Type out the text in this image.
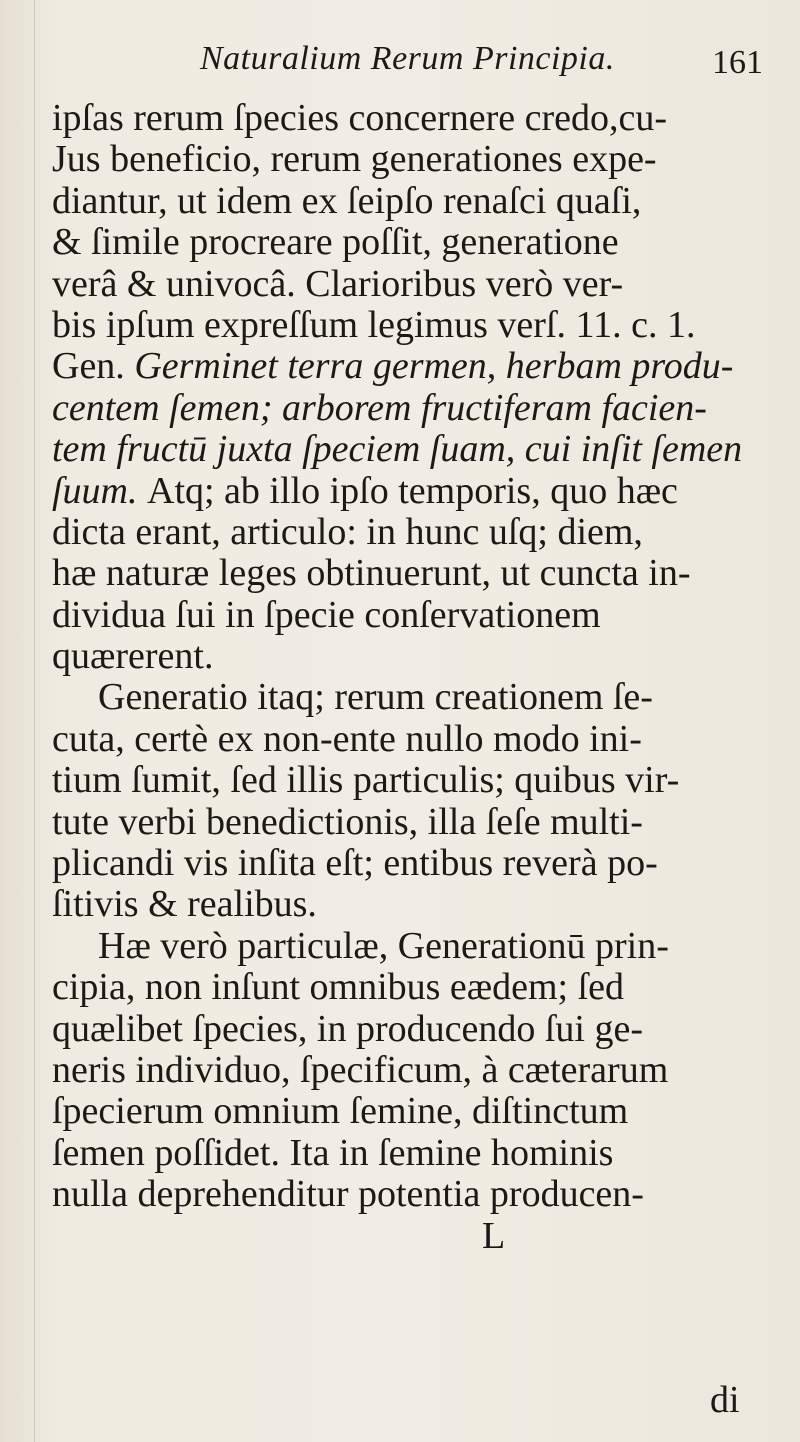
Naturalium Rerum Principia.	161
ipſas rerum ſpecies concernere credo,cu-
Jus beneficio, rerum generationes expe-
diantur, ut idem ex ſeipſo renaſci quaſi,
& ſimile procreare poſſit, generatione
verâ & univocâ. Clarioribus verò ver-
bis ipſum expreſſum legimus verſ. 11. c. 1.
Gen. Germinet terra germen, herbam produ-
centem ſemen; arborem fructiferam facien-
tem fructū juxta ſpeciem ſuam, cui inſit ſemen
ſuum. Atq; ab illo ipſo temporis, quo hæc
dicta erant, articulo: in hunc uſq; diem,
hæ naturæ leges obtinuerunt, ut cuncta in-
dividua ſui in ſpecie conſervationem
quærerent.
Generatio itaq; rerum creationem ſe-
cuta, certè ex non-ente nullo modo ini-
tium ſumit, ſed illis particulis; quibus vir-
tute verbi benedictionis, illa ſeſe multi-
plicandi vis inſita eſt; entibus reverà po-
ſitivis & realibus.
Hæ verò particulæ, Generationū prin-
cipia, non inſunt omnibus eædem; ſed
quælibet ſpecies, in producendo ſui ge-
neris individuo, ſpecificum, à cæterarum
ſpecierum omnium ſemine, diſtinctum
ſemen poſſidet. Ita in ſemine hominis
nulla deprehenditur potentia producen-
L
di
